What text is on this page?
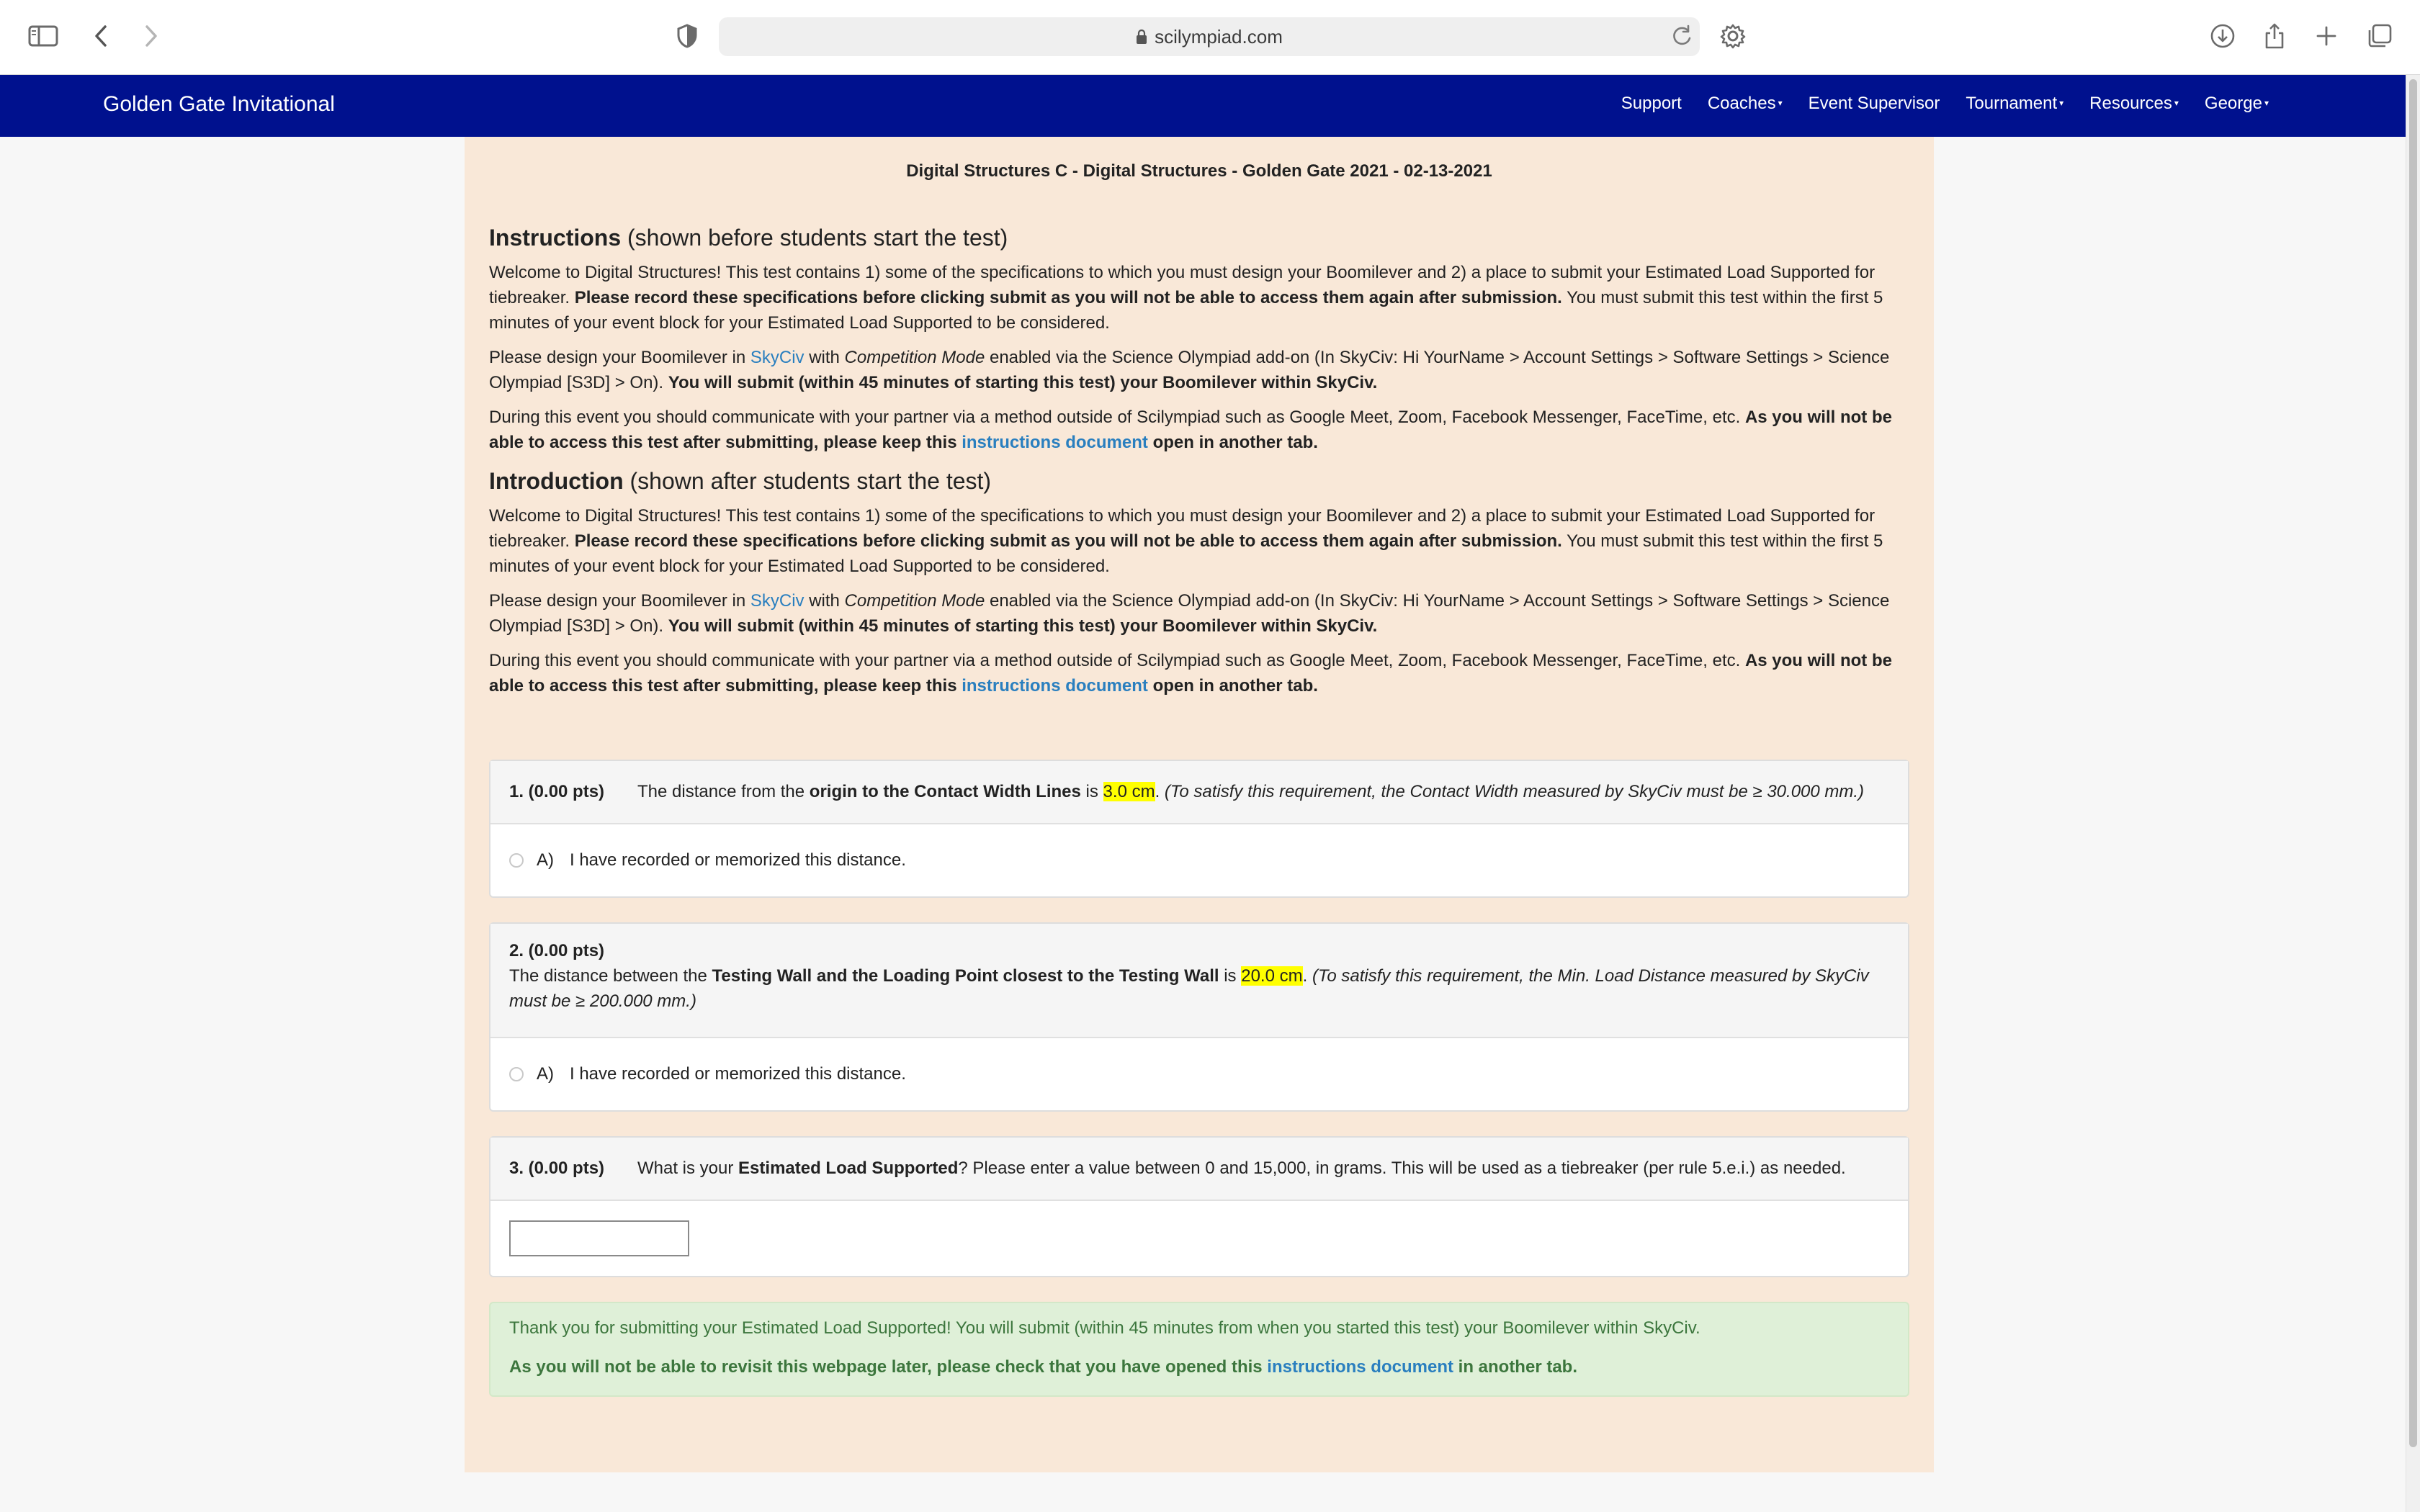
scilympiad.com
Golden Gate Invitational	Support Coaches ▾ Event Supervisor Tournament ▾ Resources ▾ George ▾
Digital Structures C - Digital Structures - Golden Gate 2021 - 02-13-2021
Instructions (shown before students start the test)

Welcome to Digital Structures! This test contains 1) some of the specifications to which you must design your Boomilever and 2) a place to submit your Estimated Load Supported for tiebreaker. Please record these specifications before clicking submit as you will not be able to access them again after submission. You must submit this test within the first 5 minutes of your event block for your Estimated Load Supported to be considered.

Please design your Boomilever in SkyCiv with Competition Mode enabled via the Science Olympiad add-on (In SkyCiv: Hi YourName > Account Settings > Software Settings > Science Olympiad [S3D] > On). You will submit (within 45 minutes of starting this test) your Boomilever within SkyCiv.

During this event you should communicate with your partner via a method outside of Scilympiad such as Google Meet, Zoom, Facebook Messenger, FaceTime, etc. As you will not be able to access this test after submitting, please keep this instructions document open in another tab.

Introduction (shown after students start the test)

Welcome to Digital Structures! This test contains 1) some of the specifications to which you must design your Boomilever and 2) a place to submit your Estimated Load Supported for tiebreaker. Please record these specifications before clicking submit as you will not be able to access them again after submission. You must submit this test within the first 5 minutes of your event block for your Estimated Load Supported to be considered.

Please design your Boomilever in SkyCiv with Competition Mode enabled via the Science Olympiad add-on (In SkyCiv: Hi YourName > Account Settings > Software Settings > Science Olympiad [S3D] > On). You will submit (within 45 minutes of starting this test) your Boomilever within SkyCiv.

During this event you should communicate with your partner via a method outside of Scilympiad such as Google Meet, Zoom, Facebook Messenger, FaceTime, etc. As you will not be able to access this test after submitting, please keep this instructions document open in another tab.

1. (0.00 pts)	The distance from the origin to the Contact Width Lines is 3.0 cm. (To satisfy this requirement, the Contact Width measured by SkyCiv must be ≥ 30.000 mm.)
A) I have recorded or memorized this distance.
2. (0.00 pts)
The distance between the Testing Wall and the Loading Point closest to the Testing Wall is 20.0 cm. (To satisfy this requirement, the Min. Load Distance measured by SkyCiv must be ≥ 200.000 mm.)
A) I have recorded or memorized this distance.
3. (0.00 pts)	What is your Estimated Load Supported? Please enter a value between 0 and 15,000, in grams. This will be used as a tiebreaker (per rule 5.e.i.) as needed.

Thank you for submitting your Estimated Load Supported! You will submit (within 45 minutes from when you started this test) your Boomilever within SkyCiv.

As you will not be able to revisit this webpage later, please check that you have opened this instructions document in another tab.
